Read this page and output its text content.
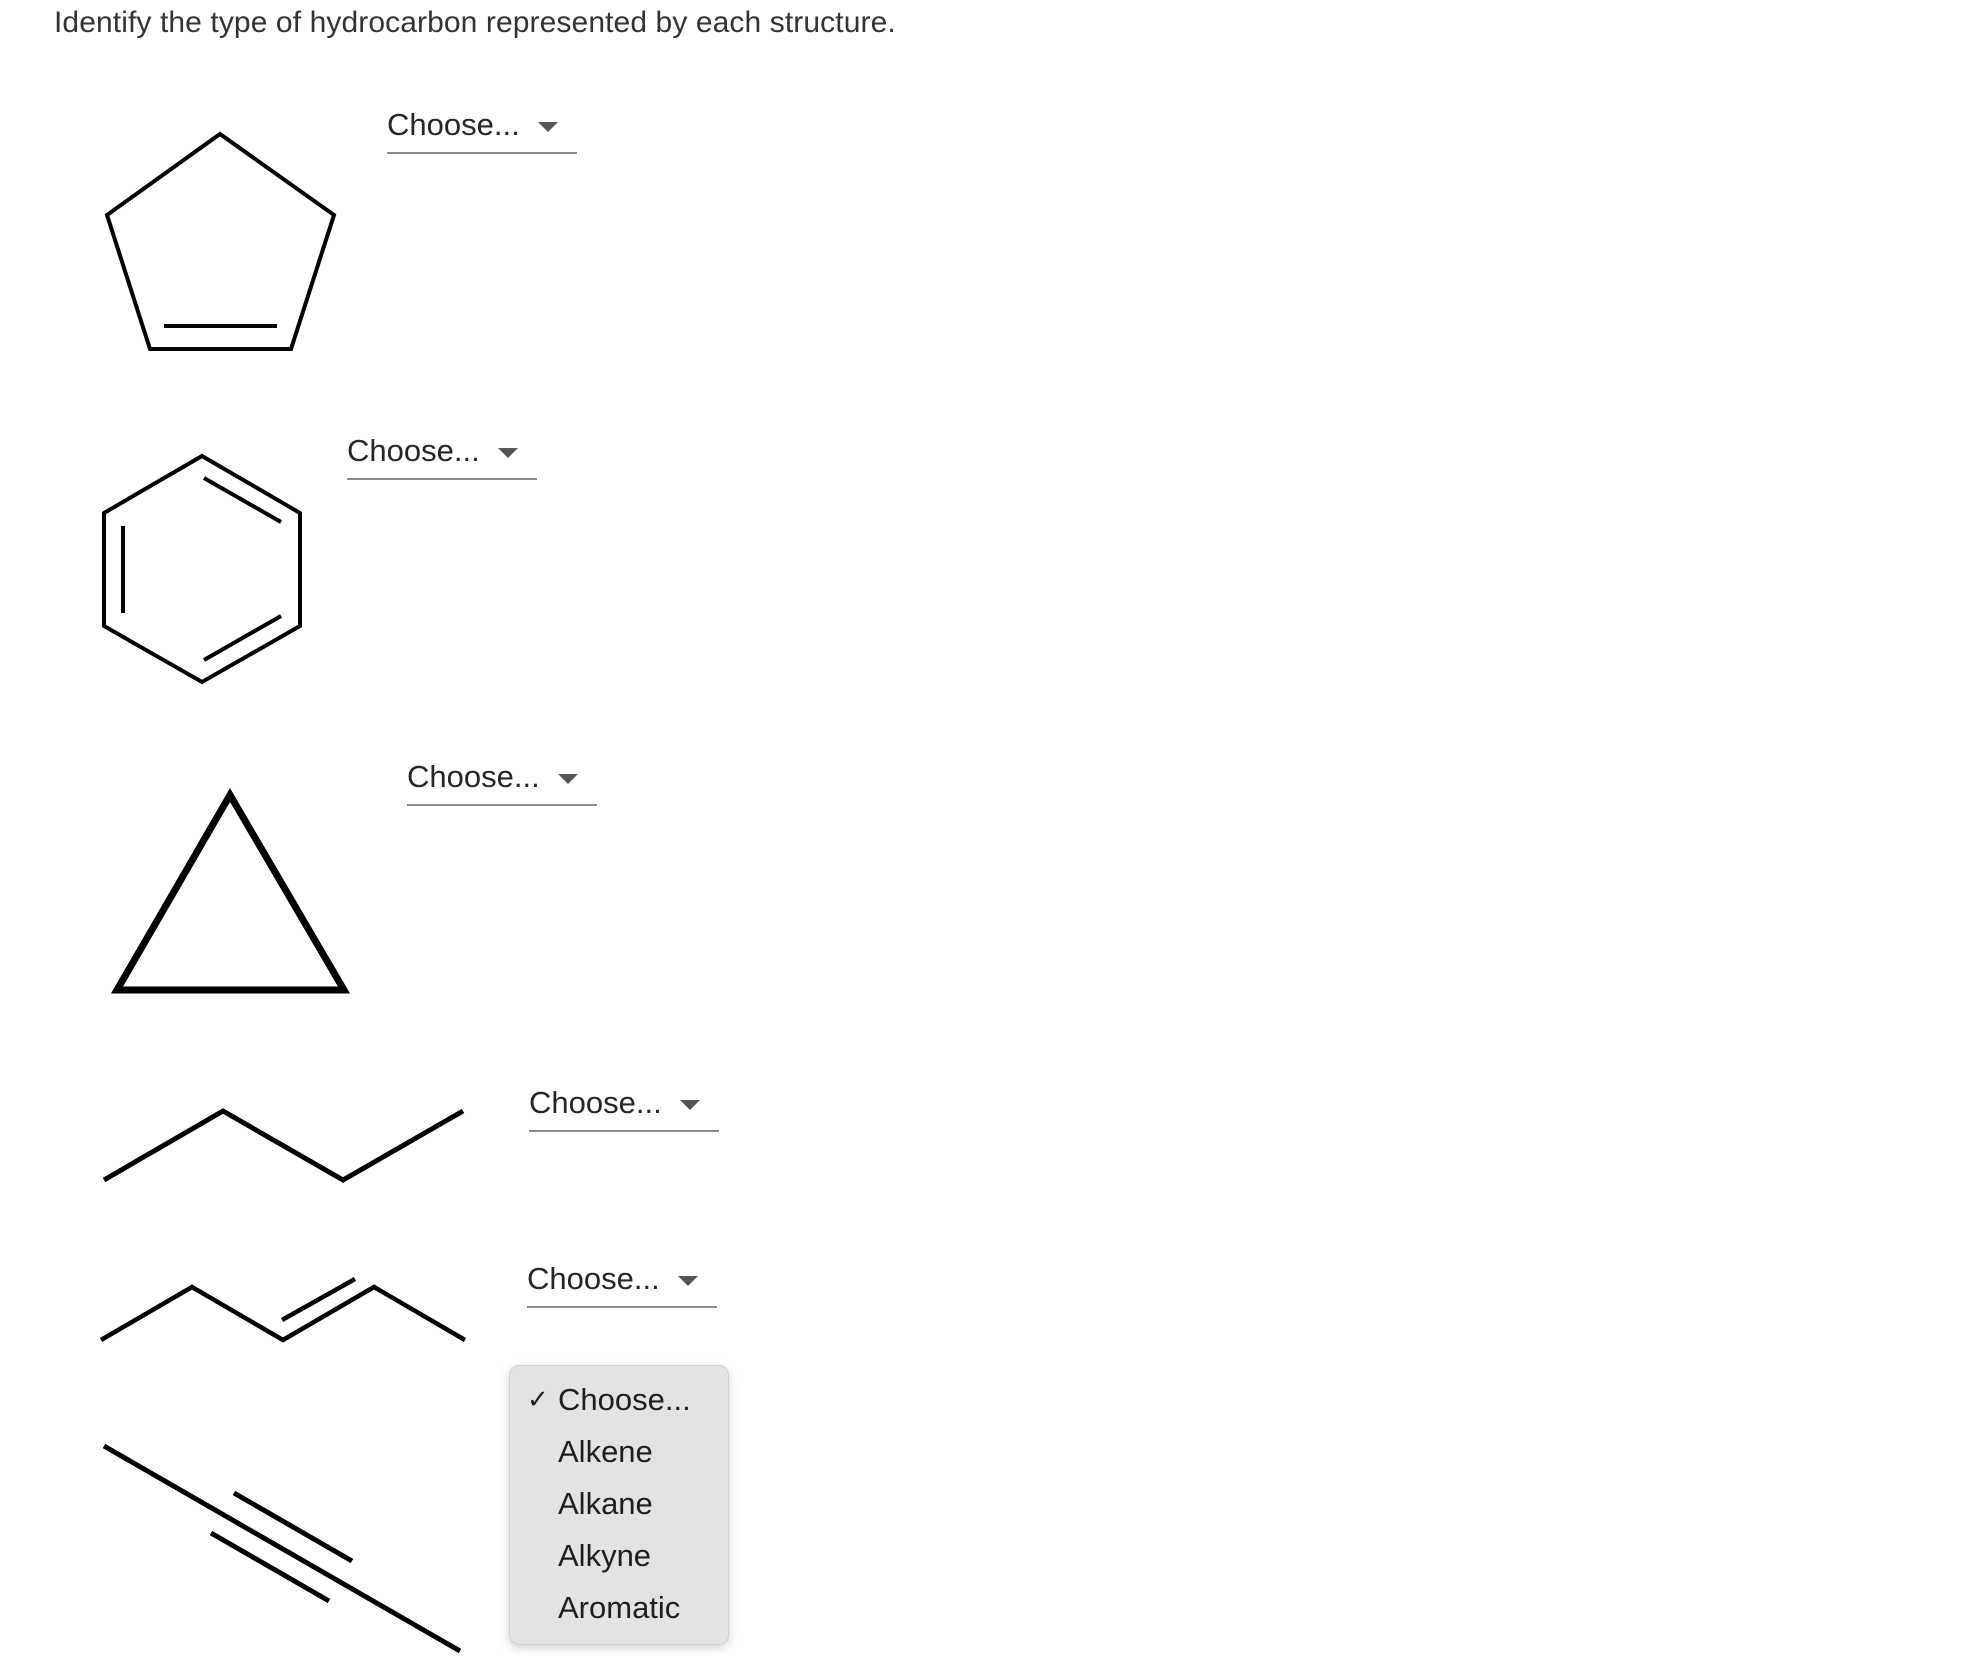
Identify the type of hydrocarbon represented by each structure.
Choose...
Choose...
Choose...
Choose...
Choose...
✓ Choose...
Alkene
Alkane
Alkyne
Aromatic
